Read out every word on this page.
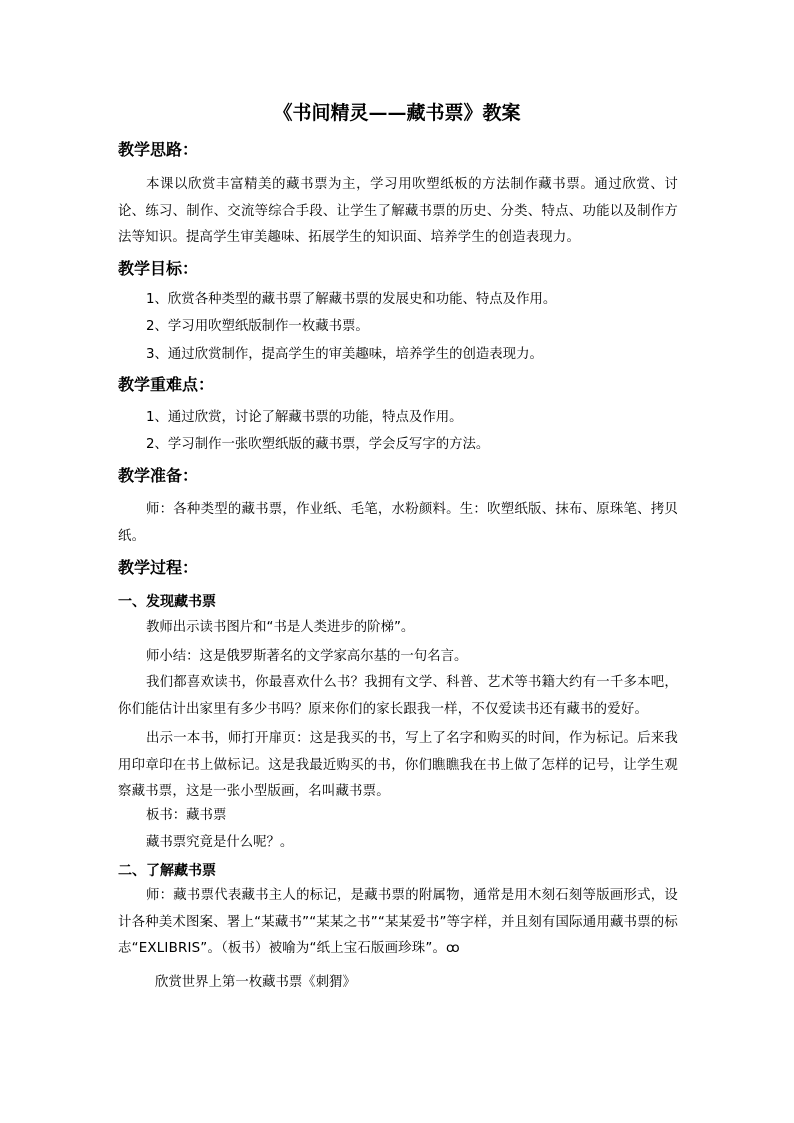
《书间精灵——藏书票》教案
教学思路：
本课以欣赏丰富精美的藏书票为主，学习用吹塑纸板的方法制作藏书票。通过欣赏、讨论、练习、制作、交流等综合手段、让学生了解藏书票的历史、分类、特点、功能以及制作方法等知识。提高学生审美趣味、拓展学生的知识面、培养学生的创造表现力。
教学目标：
1、欣赏各种类型的藏书票了解藏书票的发展史和功能、特点及作用。
2、学习用吹塑纸版制作一枚藏书票。
3、通过欣赏制作，提高学生的审美趣味，培养学生的创造表现力。
教学重难点：
1、通过欣赏，讨论了解藏书票的功能，特点及作用。
2、学习制作一张吹塑纸版的藏书票，学会反写字的方法。
教学准备：
师：各种类型的藏书票，作业纸、毛笔，水粉颜料。生：吹塑纸版、抹布、原珠笔、拷贝纸。
教学过程：
一、发现藏书票
教师出示读书图片和“书是人类进步的阶梯”。
师小结：这是俄罗斯著名的文学家高尔基的一句名言。
我们都喜欢读书，你最喜欢什么书？我拥有文学、科普、艺术等书籍大约有一千多本吧，你们能估计出家里有多少书吗？原来你们的家长跟我一样，不仅爱读书还有藏书的爱好。
出示一本书，师打开扉页：这是我买的书，写上了名字和购买的时间，作为标记。后来我用印章印在书上做标记。这是我最近购买的书，你们瞧瞧我在书上做了怎样的记号，让学生观察藏书票，这是一张小型版画，名叫藏书票。
板书：藏书票
藏书票究竟是什么呢？。
二、了解藏书票
师：藏书票代表藏书主人的标记，是藏书票的附属物，通常是用木刻石刻等版画形式，设计各种美术图案、署上“某藏书”“某某之书”“某某爱书”等字样，并且刻有国际通用藏书票的标志“EXLIBRIS”。（板书）被喻为“纸上宝石版画珍珠”。ꝏ
欣赏世界上第一枚藏书票《刺猬》
